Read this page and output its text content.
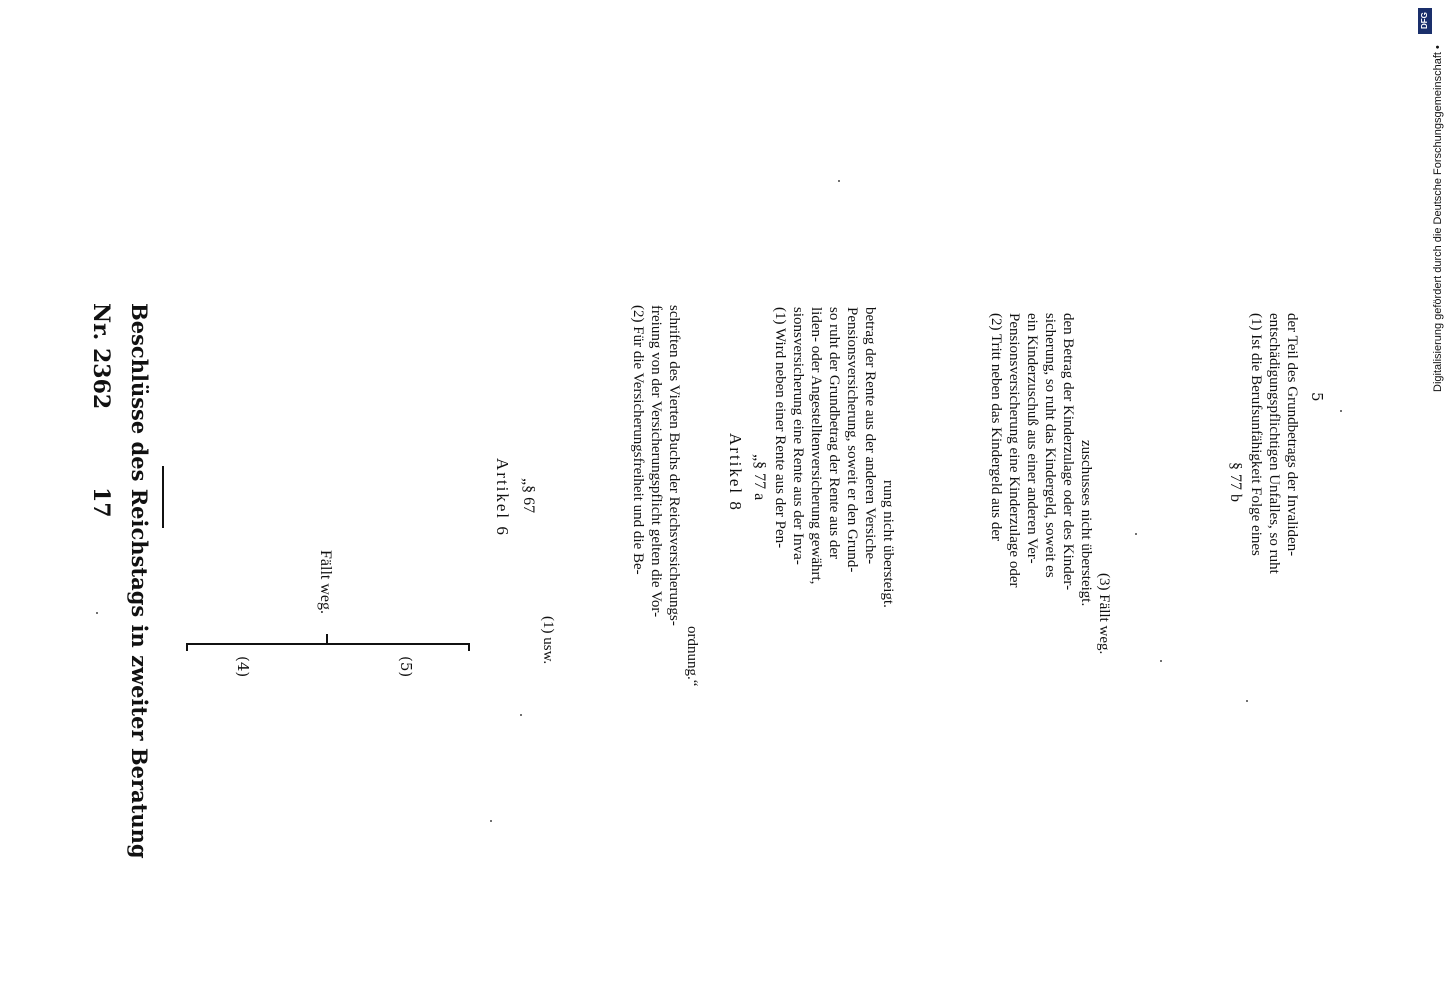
17
Nr. 2362 Beschlüsse des Reichstags in zweiter Beratung	(4)	(5)
Fällt weg.
Artikel 6 „§ 67
(1) usw.
(2) Für die Versicherungsfreiheit und die Be- freiung von der Versicherungspflicht gelten die Vor- schriften des Vierten Buchs der Reichsversicherungs-
ordnung.“
Artikel 8 „§ 77 a (1) Wird neben einer Rente aus der Pen- sionsversicherung eine Rente aus der Inva- liden- oder Angestelltenversicherung gewährt, so ruht der Grundbetrag der Rente aus der Pensionsversicherung, soweit er den Grund- betrag der Rente aus der anderen Versiche- rung nicht übersteigt.
(2) Tritt neben das Kindergeld aus der Pensionsversicherung eine Kinderzulage oder ein Kinderzuschuß aus einer anderen Ver- sicherung, so ruht das Kindergeld, soweit es den Betrag der Kinderzulage oder des Kinder- zuschusses nicht übersteigt.
(3) Fällt weg.
§ 77 b (1) Ist die Berufsunfähigkeit Folge eines entschädigungspflichtigen Unfalles, so ruht der Teil des Grundbetrags der Invaliden- 5
DFG
Digitalisierung gefördert durch die Deutsche Forschungsgemeinschaft •
